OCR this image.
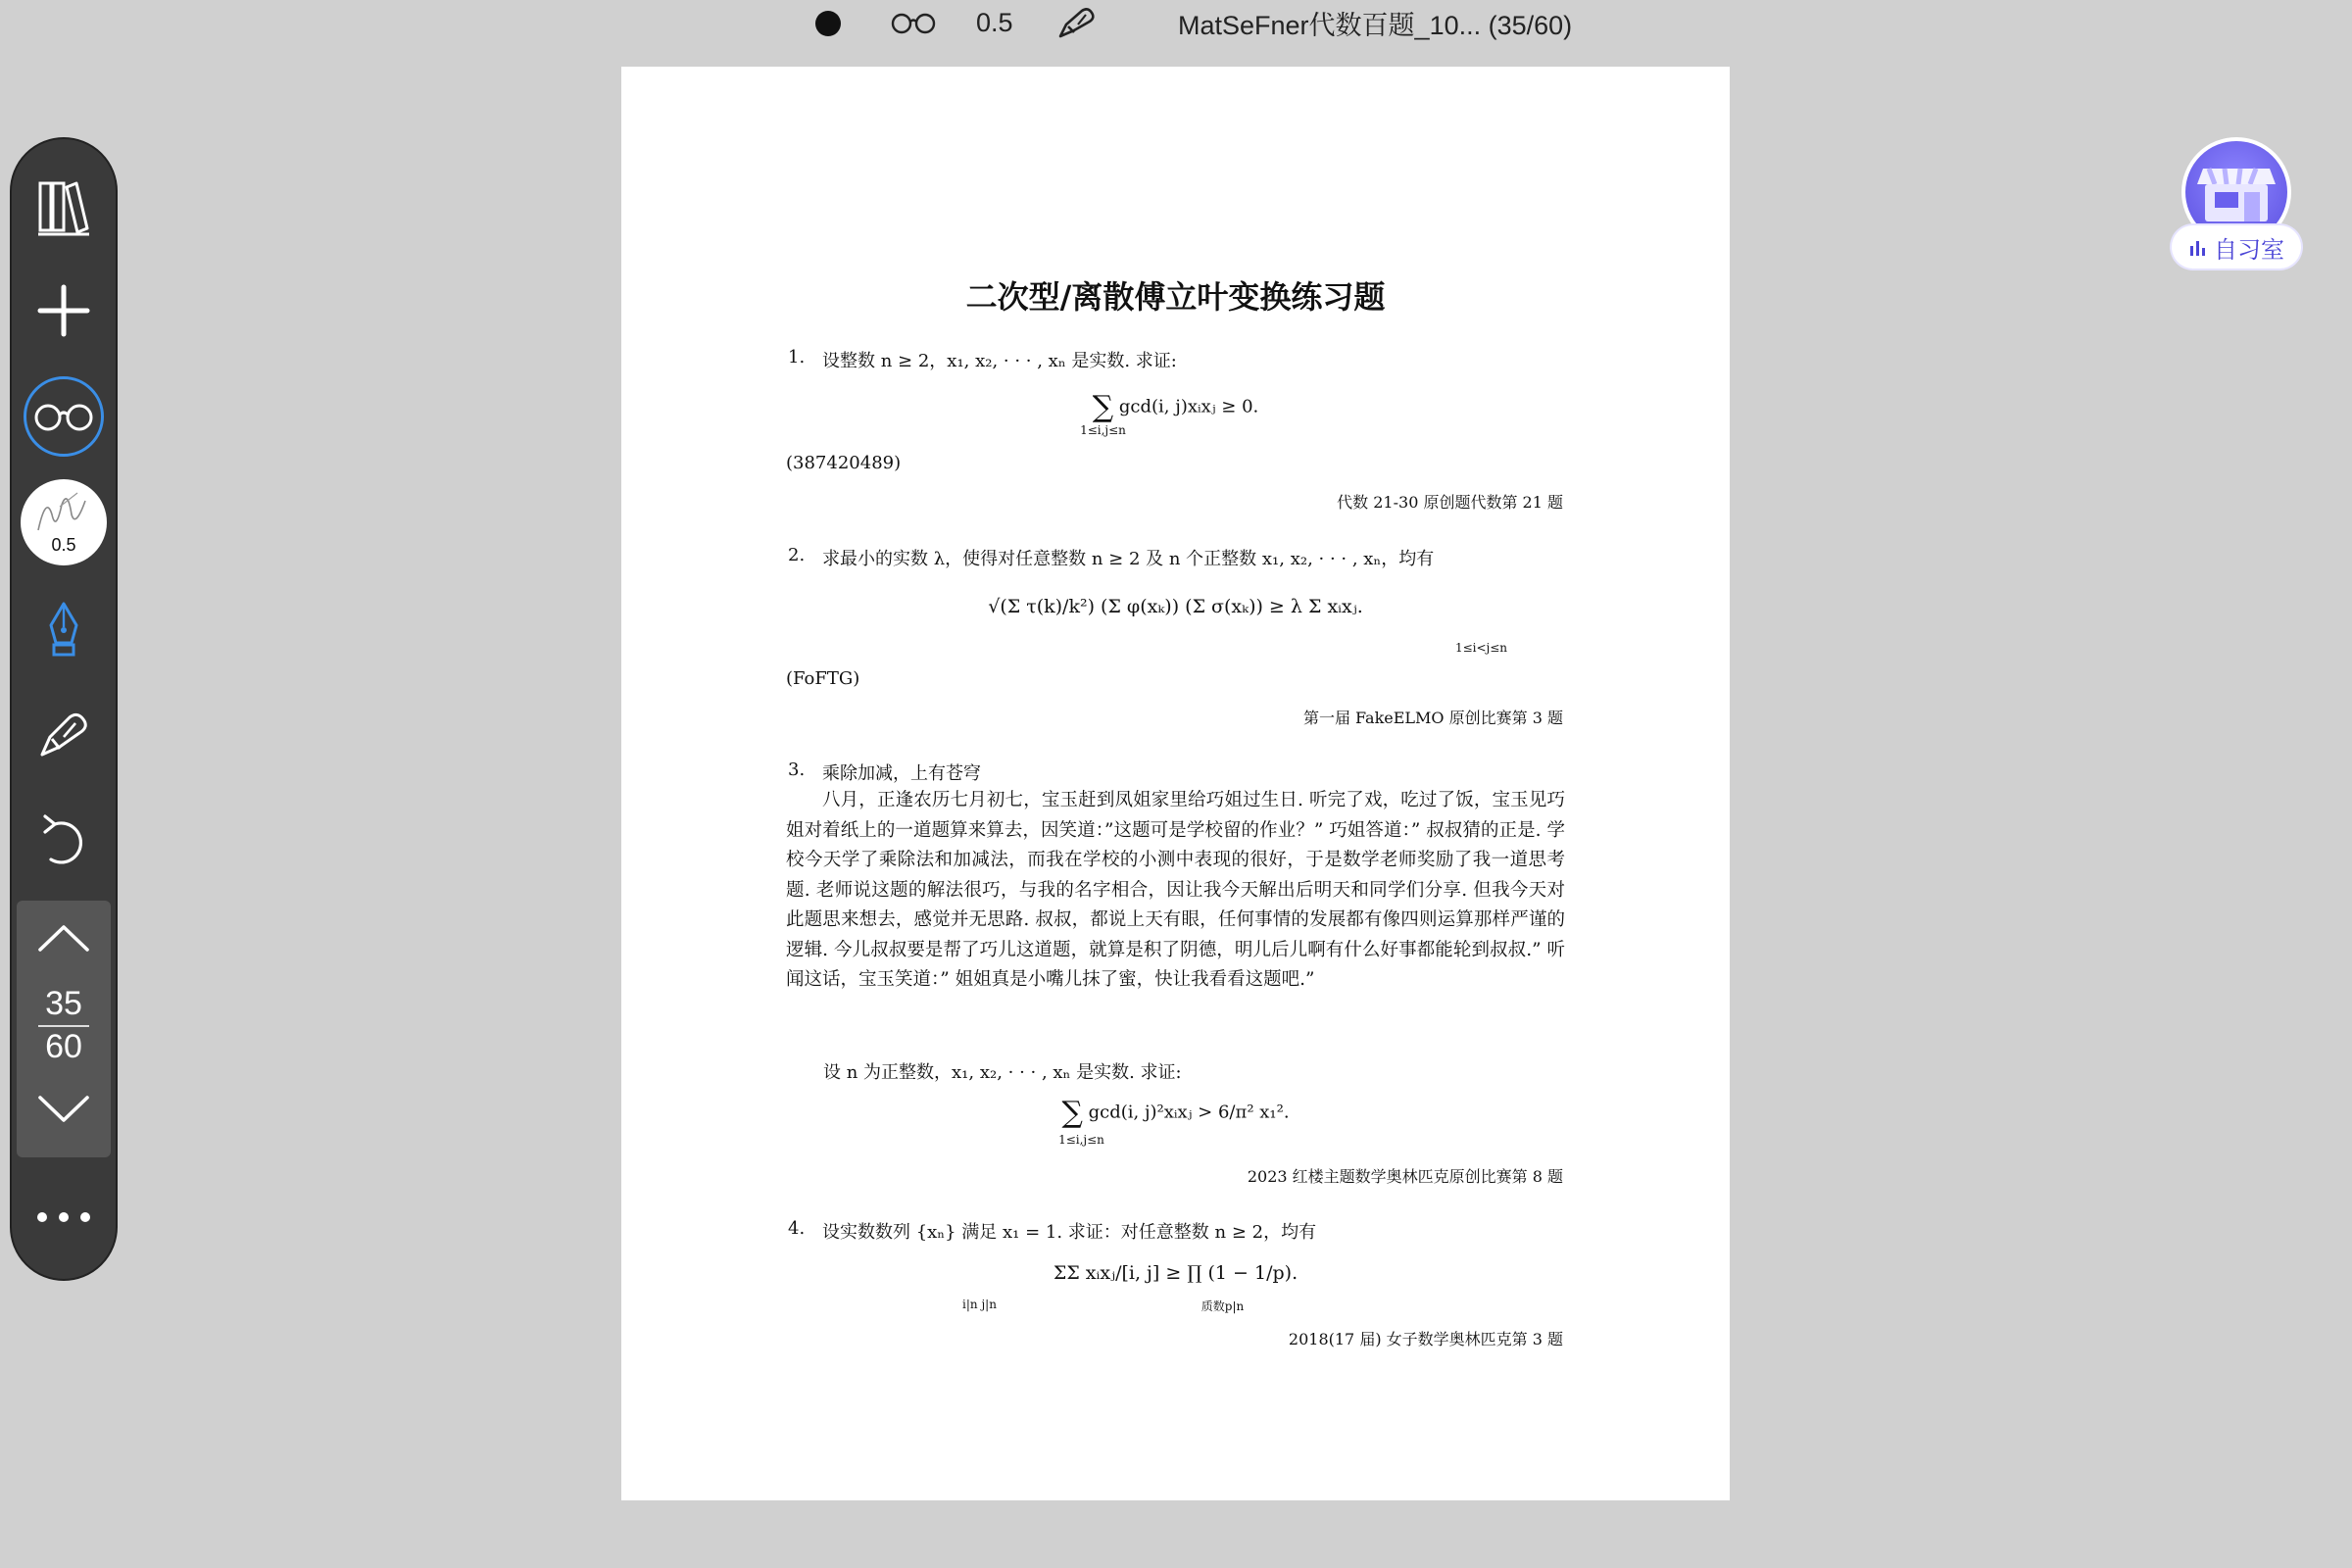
0.5	MatSeFner代数百题_10... (35/60)
0.5
35
60
自习室
二次型/离散傅立叶变换练习题
1. 设整数 n ≥ 2，x₁, x₂, · · · , xₙ 是实数. 求证:
∑ gcd(i, j)xᵢxⱼ ≥ 0.
1≤i,j≤n
(387420489)
代数 21-30 原创题代数第 21 题
2. 求最小的实数 λ，使得对任意整数 n ≥ 2 及 n 个正整数 x₁, x₂, · · · , xₙ，均有
√(Σ τ(k)/k²) (Σ φ(xₖ)) (Σ σ(xₖ)) ≥ λ Σ xᵢxⱼ.
1≤i<j≤n
(FoFTG)
第一届 FakeELMO 原创比赛第 3 题
3. 乘除加减，上有苍穹
八月，正逢农历七月初七，宝玉赶到凤姐家里给巧姐过生日. 听完了戏，吃过了饭，宝玉见巧姐对着纸上的一道题算来算去，因笑道：”这题可是学校留的作业？” 巧姐答道：” 叔叔猜的正是. 学校今天学了乘除法和加减法，而我在学校的小测中表现的很好，于是数学老师奖励了我一道思考题. 老师说这题的解法很巧，与我的名字相合，因让我今天解出后明天和同学们分享. 但我今天对此题思来想去，感觉并无思路. 叔叔，都说上天有眼，任何事情的发展都有像四则运算那样严谨的逻辑. 今儿叔叔要是帮了巧儿这道题，就算是积了阴德，明儿后儿啊有什么好事都能轮到叔叔.” 听闻这话，宝玉笑道：” 姐姐真是小嘴儿抹了蜜，快让我看看这题吧.”
设 n 为正整数，x₁, x₂, · · · , xₙ 是实数. 求证:
∑ gcd(i, j)²xᵢxⱼ > 6/π² x₁².
1≤i,j≤n
2023 红楼主题数学奥林匹克原创比赛第 8 题
4. 设实数数列 {xₙ} 满足 x₁ = 1. 求证：对任意整数 n ≥ 2，均有
ΣΣ xᵢxⱼ/[i, j] ≥ ∏ (1 − 1/p).
i|n j|n	质数p|n
2018(17 届) 女子数学奥林匹克第 3 题
